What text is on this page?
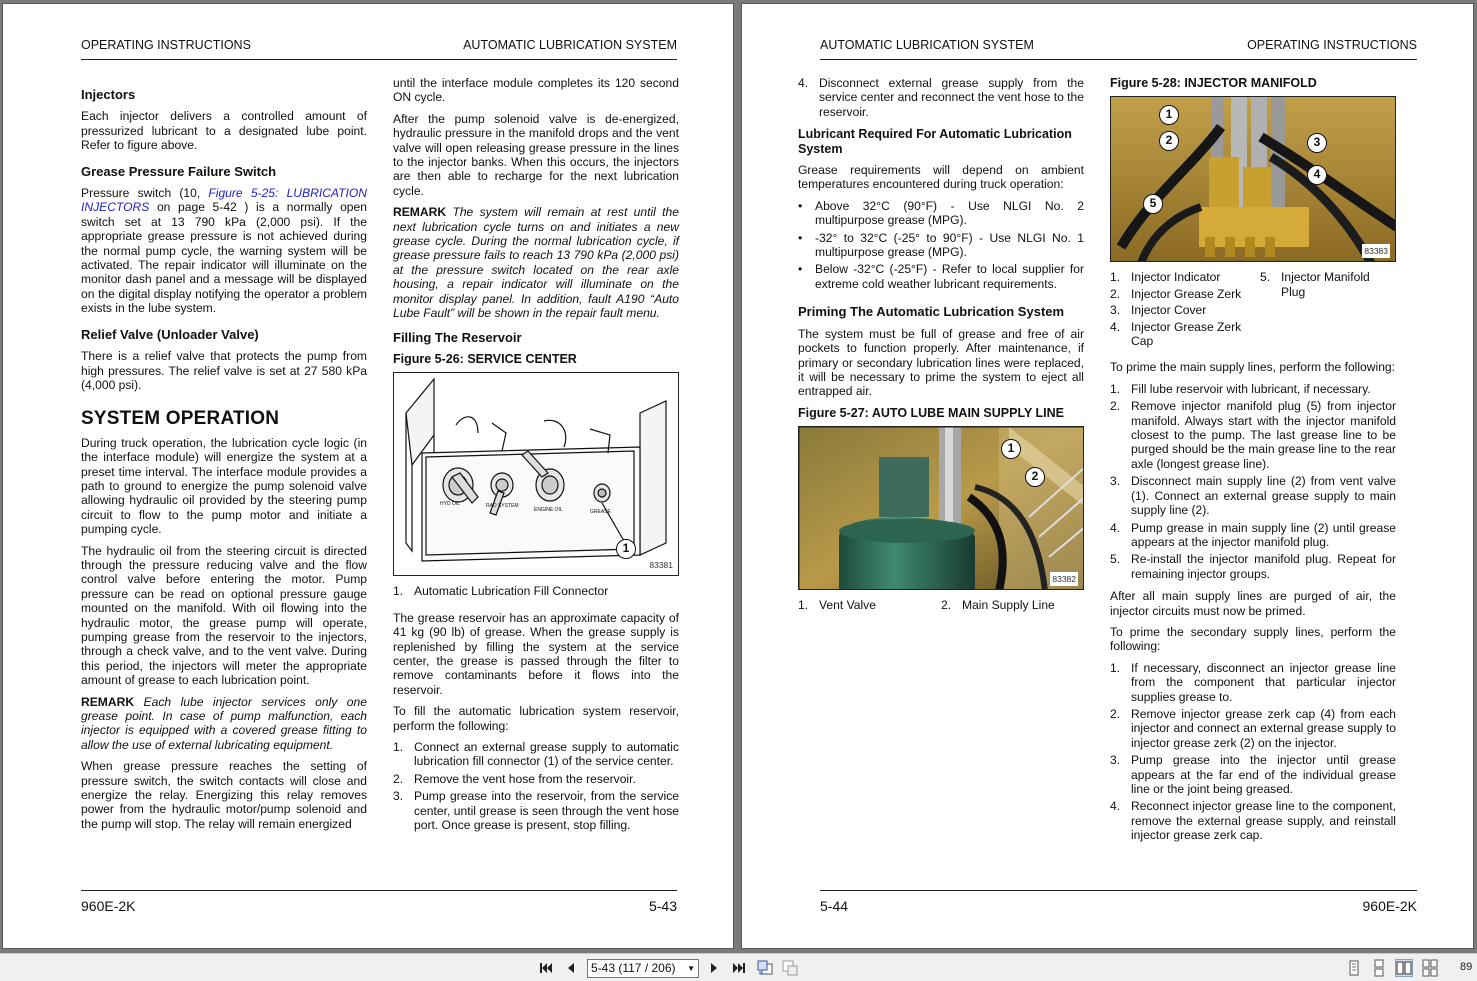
OPERATING INSTRUCTIONS	AUTOMATIC LUBRICATION SYSTEM
Injectors

Each injector delivers a controlled amount of pressurized lubricant to a designated lube point. Refer to figure above.

Grease Pressure Failure Switch

Pressure switch (10, Figure 5-25: LUBRICATION INJECTORS on page 5-42 ) is a normally open switch set at 13 790 kPa (2,000 psi). If the appropriate grease pressure is not achieved during the normal pump cycle, the warning system will be activated. The repair indicator will illuminate on the monitor dash panel and a message will be displayed on the digital display notifying the operator a problem exists in the lube system.

Relief Valve (Unloader Valve)

There is a relief valve that protects the pump from high pressures. The relief valve is set at 27 580 kPa (4,000 psi).

SYSTEM OPERATION

During truck operation, the lubrication cycle logic (in the interface module) will energize the system at a preset time interval. The interface module provides a path to ground to energize the pump solenoid valve allowing hydraulic oil provided by the steering pump circuit to flow to the pump motor and initiate a pumping cycle.

The hydraulic oil from the steering circuit is directed through the pressure reducing valve and the flow control valve before entering the motor. Pump pressure can be read on optional pressure gauge mounted on the manifold. With oil flowing into the hydraulic motor, the grease pump will operate, pumping grease from the reservoir to the injectors, through a check valve, and to the vent valve. During this period, the injectors will meter the appropriate amount of grease to each lubrication point.

REMARK Each lube injector services only one grease point. In case of pump malfunction, each injector is equipped with a covered grease fitting to allow the use of external lubricating equipment.

When grease pressure reaches the setting of pressure switch, the switch contacts will close and energize the relay. Energizing this relay removes power from the hydraulic motor/pump solenoid and the pump will stop. The relay will remain energized

until the interface module completes its 120 second ON cycle.

After the pump solenoid valve is de-energized, hydraulic pressure in the manifold drops and the vent valve will open releasing grease pressure in the lines to the injector banks. When this occurs, the injectors are then able to recharge for the next lubrication cycle.

REMARK The system will remain at rest until the next lubrication cycle turns on and initiates a new grease cycle. During the normal lubrication cycle, if grease pressure fails to reach 13 790 kPa (2,000 psi) at the pressure switch located on the rear axle housing, a repair indicator will illuminate on the monitor display panel. In addition, fault A190 “Auto Lube Fault” will be shown in the repair fault menu.

Filling The Reservoir
Figure 5-26: SERVICE CENTER
HYD OIL	RAD SYSTEM
ENGINE OIL	GREASE
1
83381
1. Automatic Lubrication Fill Connector

The grease reservoir has an approximate capacity of 41 kg (90 lb) of grease. When the grease supply is replenished by filling the system at the service center, the grease is passed through the filter to remove contaminants before it flows into the reservoir.

To fill the automatic lubrication system reservoir, perform the following:

1. Connect an external grease supply to automatic lubrication fill connector (1) of the service center.
2. Remove the vent hose from the reservoir.
3. Pump grease into the reservoir, from the service center, until grease is seen through the vent hose port. Once grease is present, stop filling.
960E-2K	5-43
AUTOMATIC LUBRICATION SYSTEM	OPERATING INSTRUCTIONS
4. Disconnect external grease supply from the service center and reconnect the vent hose to the reservoir.
Lubricant Required For Automatic Lubrication System

Grease requirements will depend on ambient temperatures encountered during truck operation:

• Above 32°C (90°F) - Use NLGI No. 2 multipurpose grease (MPG).
• -32° to 32°C (-25° to 90°F) - Use NLGI No. 1 multipurpose grease (MPG).
• Below -32°C (-25°F) - Refer to local supplier for extreme cold weather lubricant requirements.
Priming The Automatic Lubrication System

The system must be full of grease and free of air pockets to function properly. After maintenance, if primary or secondary lubrication lines were replaced, it will be necessary to prime the system to eject all entrapped air.

Figure 5-27: AUTO LUBE MAIN SUPPLY LINE
1
2
83382
1. Vent Valve	2. Main Supply Line
Figure 5-28: INJECTOR MANIFOLD
1
2	3
4
5
83383
1. Injector Indicator
2. Injector Grease Zerk
3. Injector Cover
4. Injector Grease Zerk Cap
5. Injector Manifold Plug

To prime the main supply lines, perform the following:

1. Fill lube reservoir with lubricant, if necessary.
2. Remove injector manifold plug (5) from injector manifold. Always start with the injector manifold closest to the pump. The last grease line to be purged should be the main grease line to the rear axle (longest grease line).
3. Disconnect main supply line (2) from vent valve (1). Connect an external grease supply to main supply line (2).
4. Pump grease in main supply line (2) until grease appears at the injector manifold plug.
5. Re-install the injector manifold plug. Repeat for remaining injector groups.

After all main supply lines are purged of air, the injector circuits must now be primed.

To prime the secondary supply lines, perform the following:

1. If necessary, disconnect an injector grease line from the component that particular injector supplies grease to.
2. Remove injector grease zerk cap (4) from each injector and connect an external grease supply to injector grease zerk (2) on the injector.
3. Pump grease into the injector until grease appears at the far end of the individual grease line or the joint being greased.
4. Reconnect injector grease line to the component, remove the external grease supply, and reinstall injector grease zerk cap.
5-44	960E-2K
5-43 (117 / 206) ▼	89
